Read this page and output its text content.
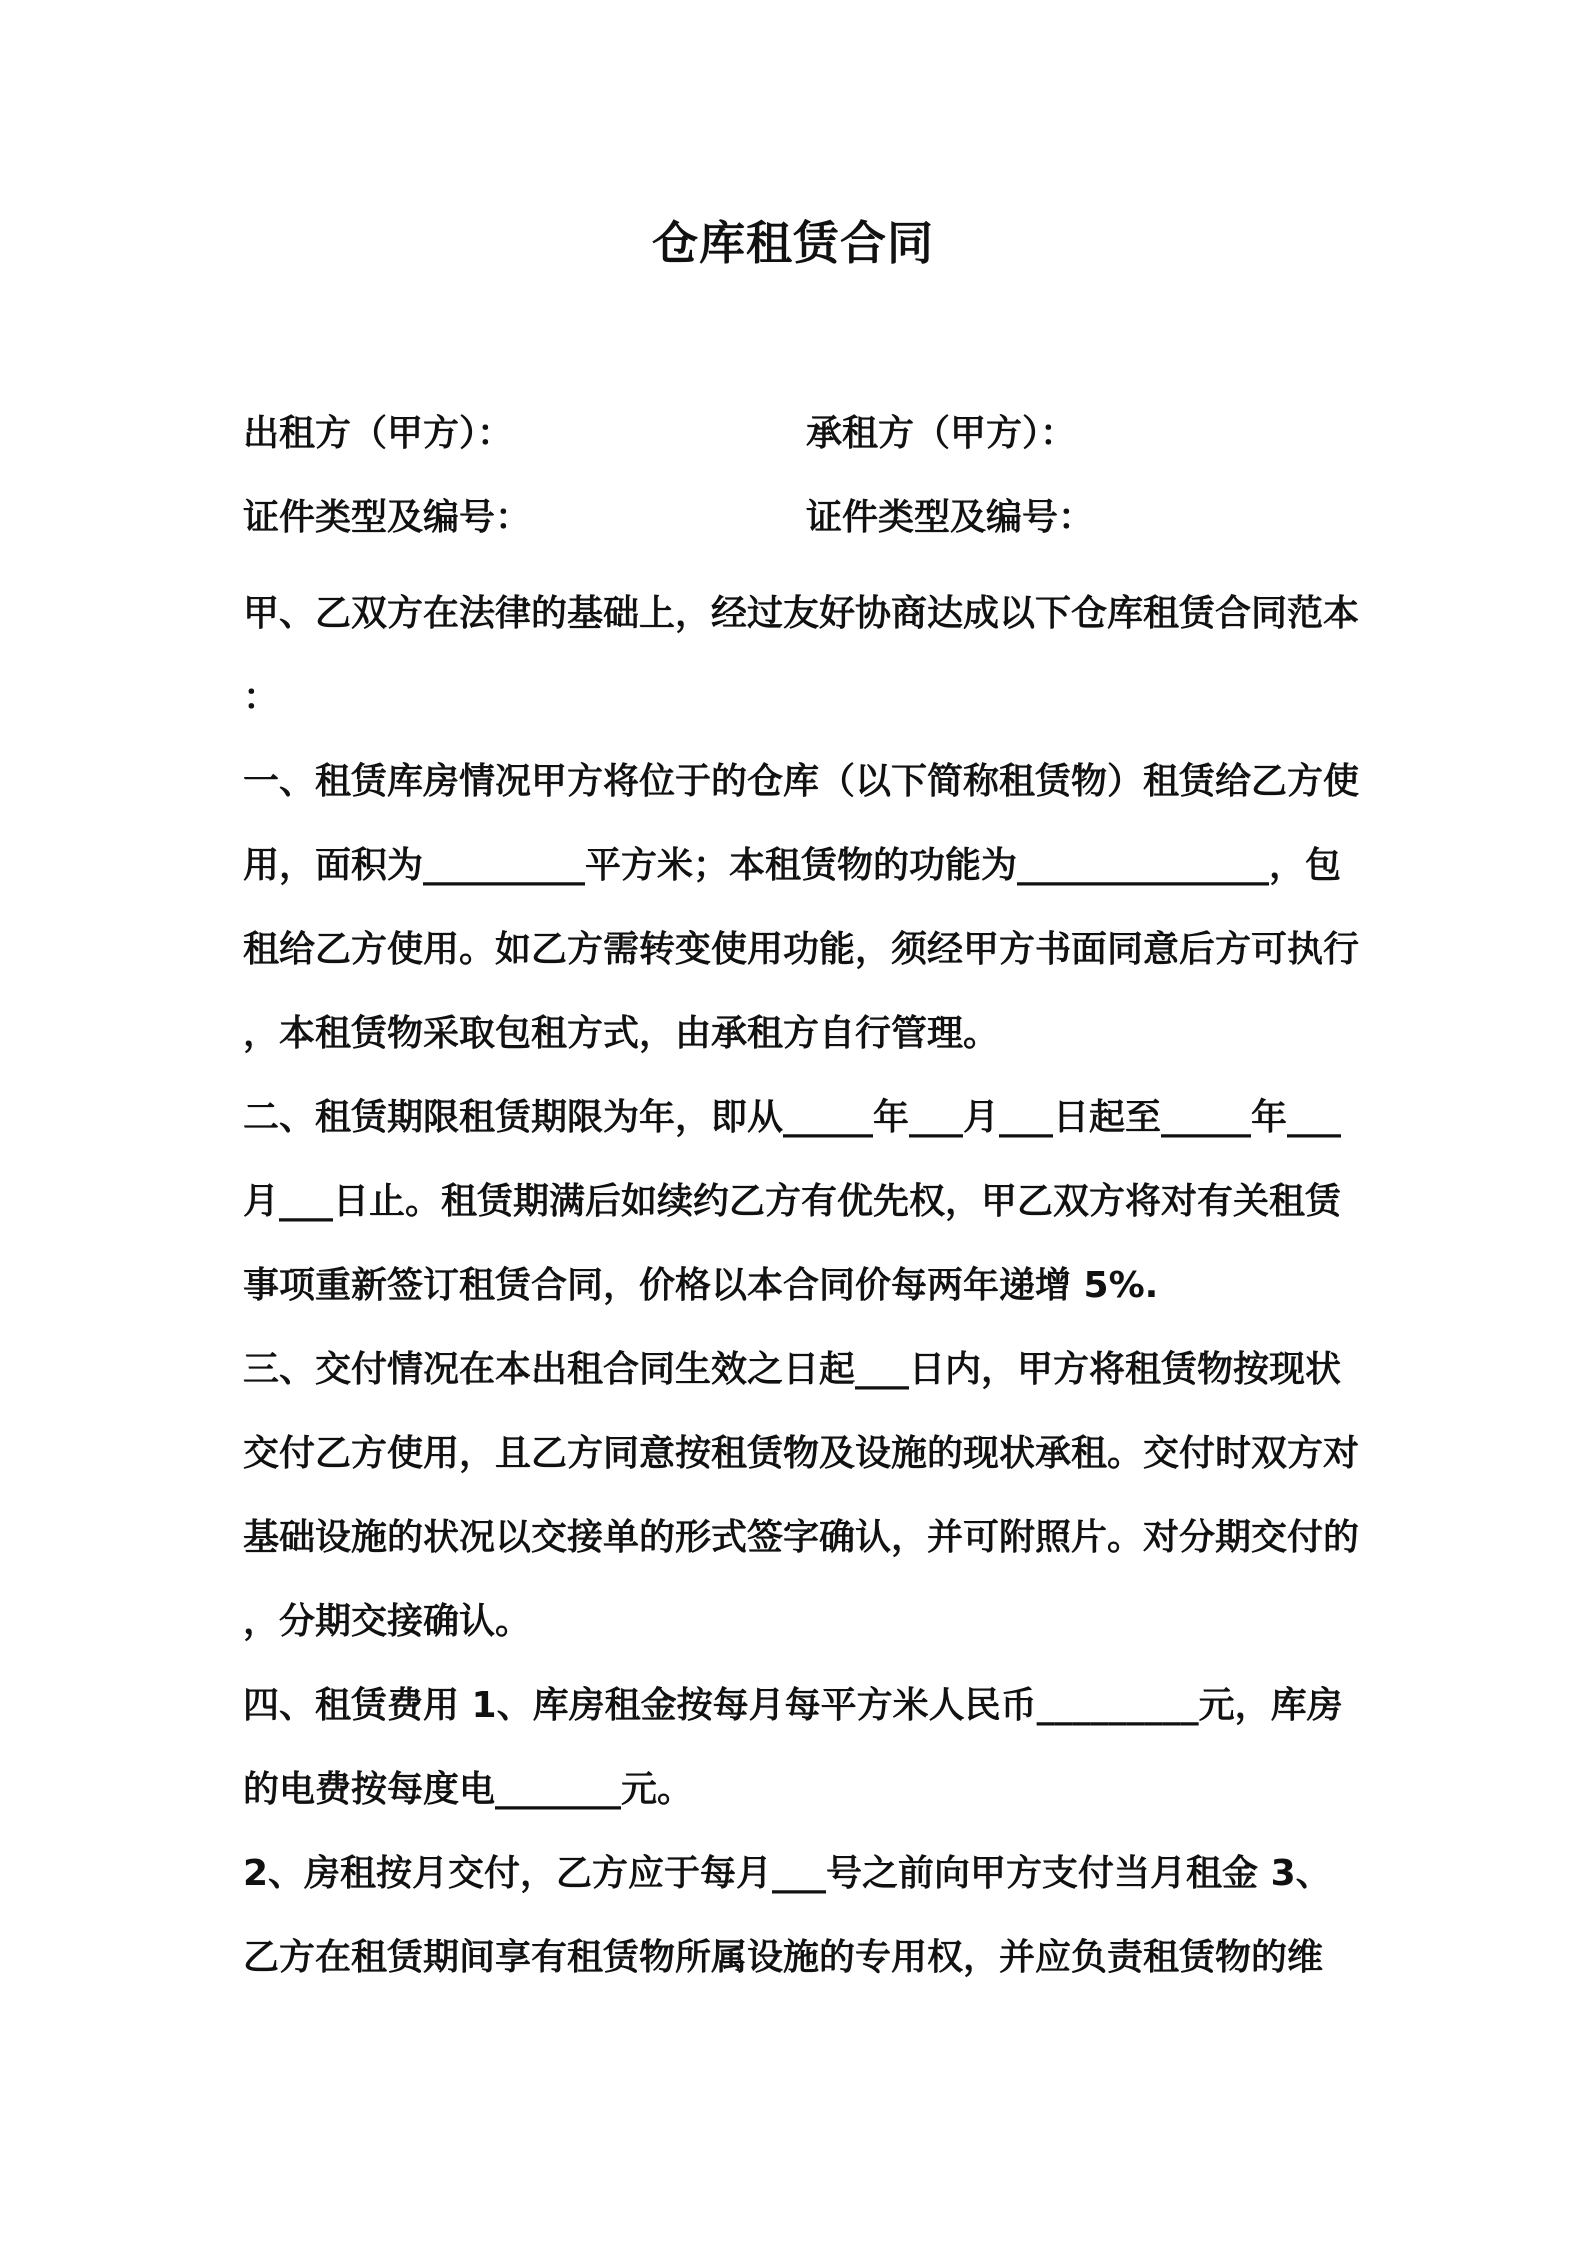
仓库租赁合同
出租方（甲方）：	承租方（甲方）：
证件类型及编号：	证件类型及编号：

甲、乙双方在法律的基础上，经过友好协商达成以下仓库租赁合同范本：

一、租赁库房情况甲方将位于的仓库（以下简称租赁物）租赁给乙方使用，面积为_________平方米；本租赁物的功能为______________，包租给乙方使用。如乙方需转变使用功能，须经甲方书面同意后方可执行，本租赁物采取包租方式，由承租方自行管理。

二、租赁期限租赁期限为年，即从_____年___月___日起至_____年___月___日止。租赁期满后如续约乙方有优先权，甲乙双方将对有关租赁事项重新签订租赁合同，价格以本合同价每两年递增 5%.

三、交付情况在本出租合同生效之日起___日内，甲方将租赁物按现状交付乙方使用，且乙方同意按租赁物及设施的现状承租。交付时双方对基础设施的状况以交接单的形式签字确认，并可附照片。对分期交付的，分期交接确认。

四、租赁费用 1、库房租金按每月每平方米人民币_________元，库房的电费按每度电_______元。

2、房租按月交付，乙方应于每月___号之前向甲方支付当月租金 3、乙方在租赁期间享有租赁物所属设施的专用权，并应负责租赁物的维
